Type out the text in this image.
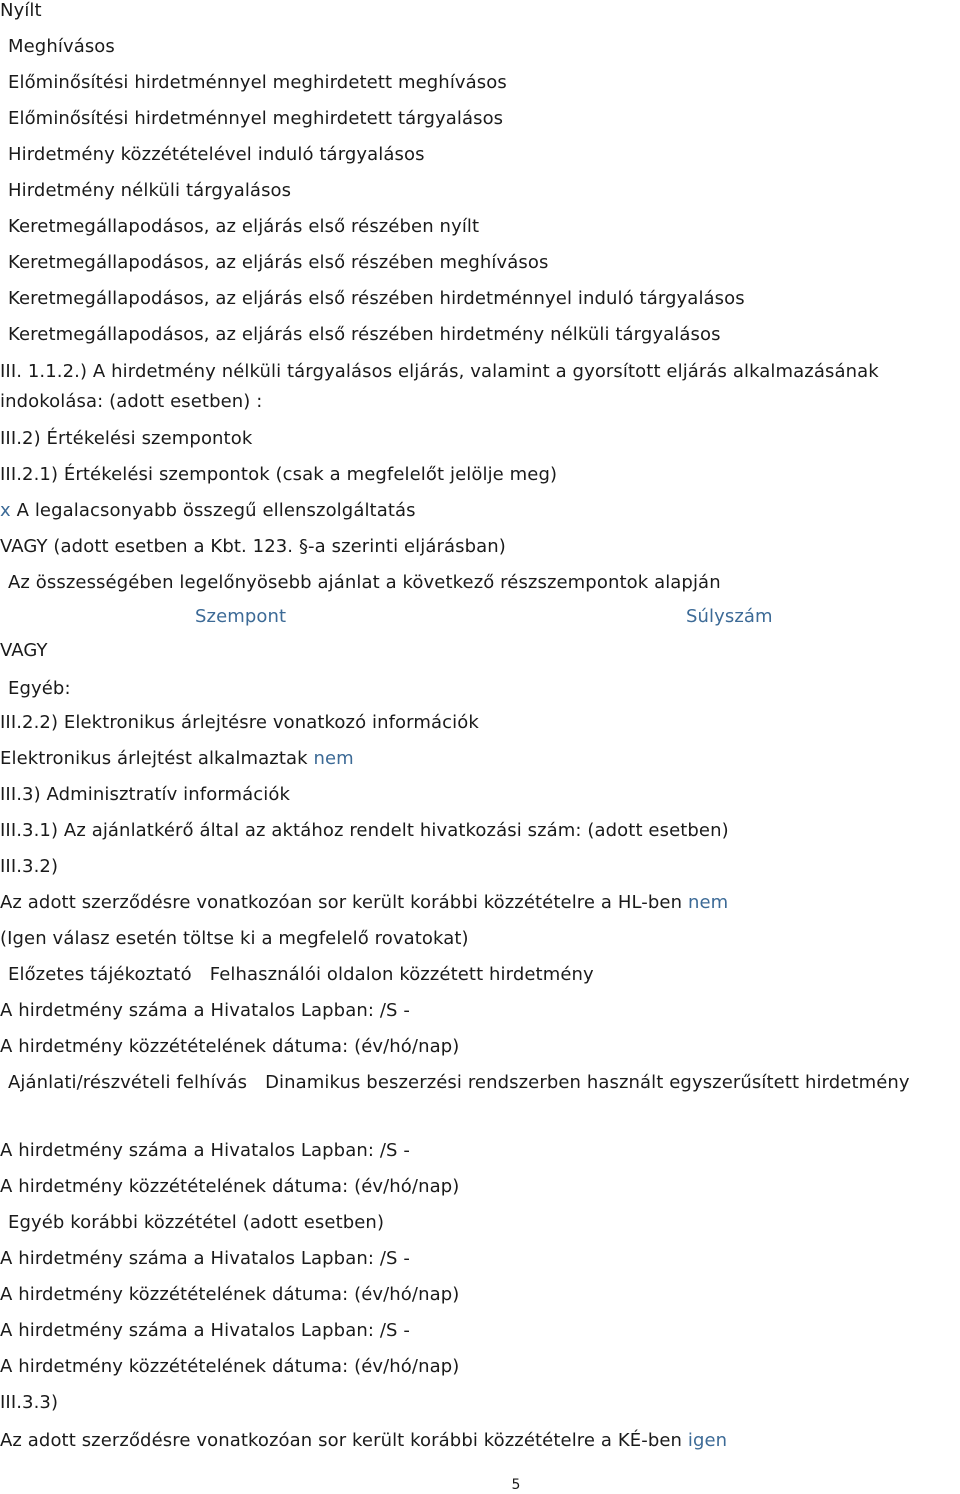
Nyílt
Meghívásos
Előminősítési hirdetménnyel meghirdetett meghívásos
Előminősítési hirdetménnyel meghirdetett tárgyalásos
Hirdetmény közzétételével induló tárgyalásos
Hirdetmény nélküli tárgyalásos
Keretmegállapodásos, az eljárás első részében nyílt
Keretmegállapodásos, az eljárás első részében meghívásos
Keretmegállapodásos, az eljárás első részében hirdetménnyel induló tárgyalásos
Keretmegállapodásos, az eljárás első részében hirdetmény nélküli tárgyalásos
III. 1.1.2.) A hirdetmény nélküli tárgyalásos eljárás, valamint a gyorsított eljárás alkalmazásának indokolása: (adott esetben) :
III.2) Értékelési szempontok
III.2.1) Értékelési szempontok (csak a megfelelőt jelölje meg)
x A legalacsonyabb összegű ellenszolgáltatás
VAGY (adott esetben a Kbt. 123. §-a szerinti eljárásban)
Az összességében legelőnyösebb ajánlat a következő részszempontok alapján
Szempont	Súlyszám
VAGY
Egyéb:
III.2.2) Elektronikus árlejtésre vonatkozó információk
Elektronikus árlejtést alkalmaztak nem
III.3) Adminisztratív információk
III.3.1) Az ajánlatkérő által az aktához rendelt hivatkozási szám: (adott esetben)
III.3.2)
Az adott szerződésre vonatkozóan sor került korábbi közzétételre a HL-ben nem
(Igen válasz esetén töltse ki a megfelelő rovatokat)
Előzetes tájékoztató Felhasználói oldalon közzétett hirdetmény
A hirdetmény száma a Hivatalos Lapban: /S -
A hirdetmény közzétételének dátuma: (év/hó/nap)
Ajánlati/részvételi felhívás Dinamikus beszerzési rendszerben használt egyszerűsített hirdetmény
A hirdetmény száma a Hivatalos Lapban: /S -
A hirdetmény közzétételének dátuma: (év/hó/nap)
Egyéb korábbi közzététel (adott esetben)
A hirdetmény száma a Hivatalos Lapban: /S -
A hirdetmény közzétételének dátuma: (év/hó/nap)
A hirdetmény száma a Hivatalos Lapban: /S -
A hirdetmény közzétételének dátuma: (év/hó/nap)
III.3.3)
Az adott szerződésre vonatkozóan sor került korábbi közzétételre a KÉ-ben igen
5
